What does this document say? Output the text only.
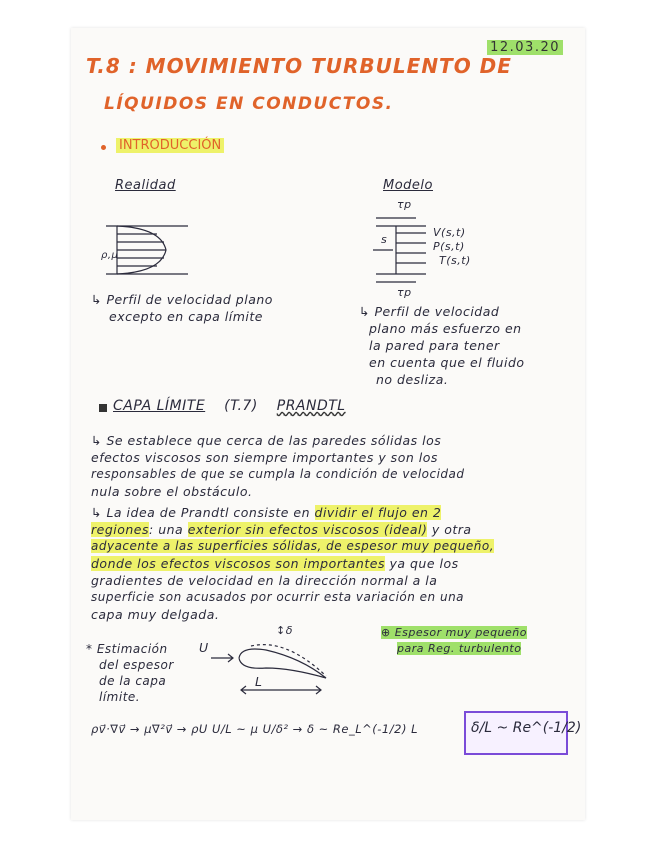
12.03.20
T.8 : MOVIMIENTO TURBULENTO DE
LÍQUIDOS EN CONDUCTOS.
INTRODUCCIÓN
Realidad	Modelo
ρ,μ
τp
τp
s
V(s,t)
P(s,t)
T(s,t)
↳ Perfil de velocidad plano
excepto en capa límite	↳ Perfil de velocidad
plano más esfuerzo en
la pared para tener
en cuenta que el fluido
no desliza.
CAPA LÍMITE (T.7) PRANDTL
↳ Se establece que cerca de las paredes sólidas los
efectos viscosos son siempre importantes y son los
responsables de que se cumpla la condición de velocidad
nula sobre el obstáculo.
↳ La idea de Prandtl consiste en dividir el flujo en 2
regiones: una exterior sin efectos viscosos (ideal) y otra
adyacente a las superficies sólidas, de espesor muy pequeño,
donde los efectos viscosos son importantes ya que los
gradientes de velocidad en la dirección normal a la
superficie son acusados por ocurrir esta variación en una
capa muy delgada.
* Estimación
del espesor
de la capa
límite.
U
↕δ
L
⊕ Espesor muy pequeño
para Reg. turbulento
ρv⃗·∇v⃗ → μ∇²v⃗ → ρU U/L ~ μ U/δ² → δ ~ Re_L^(-1/2) L	δ/L ~ Re^(-1/2)
